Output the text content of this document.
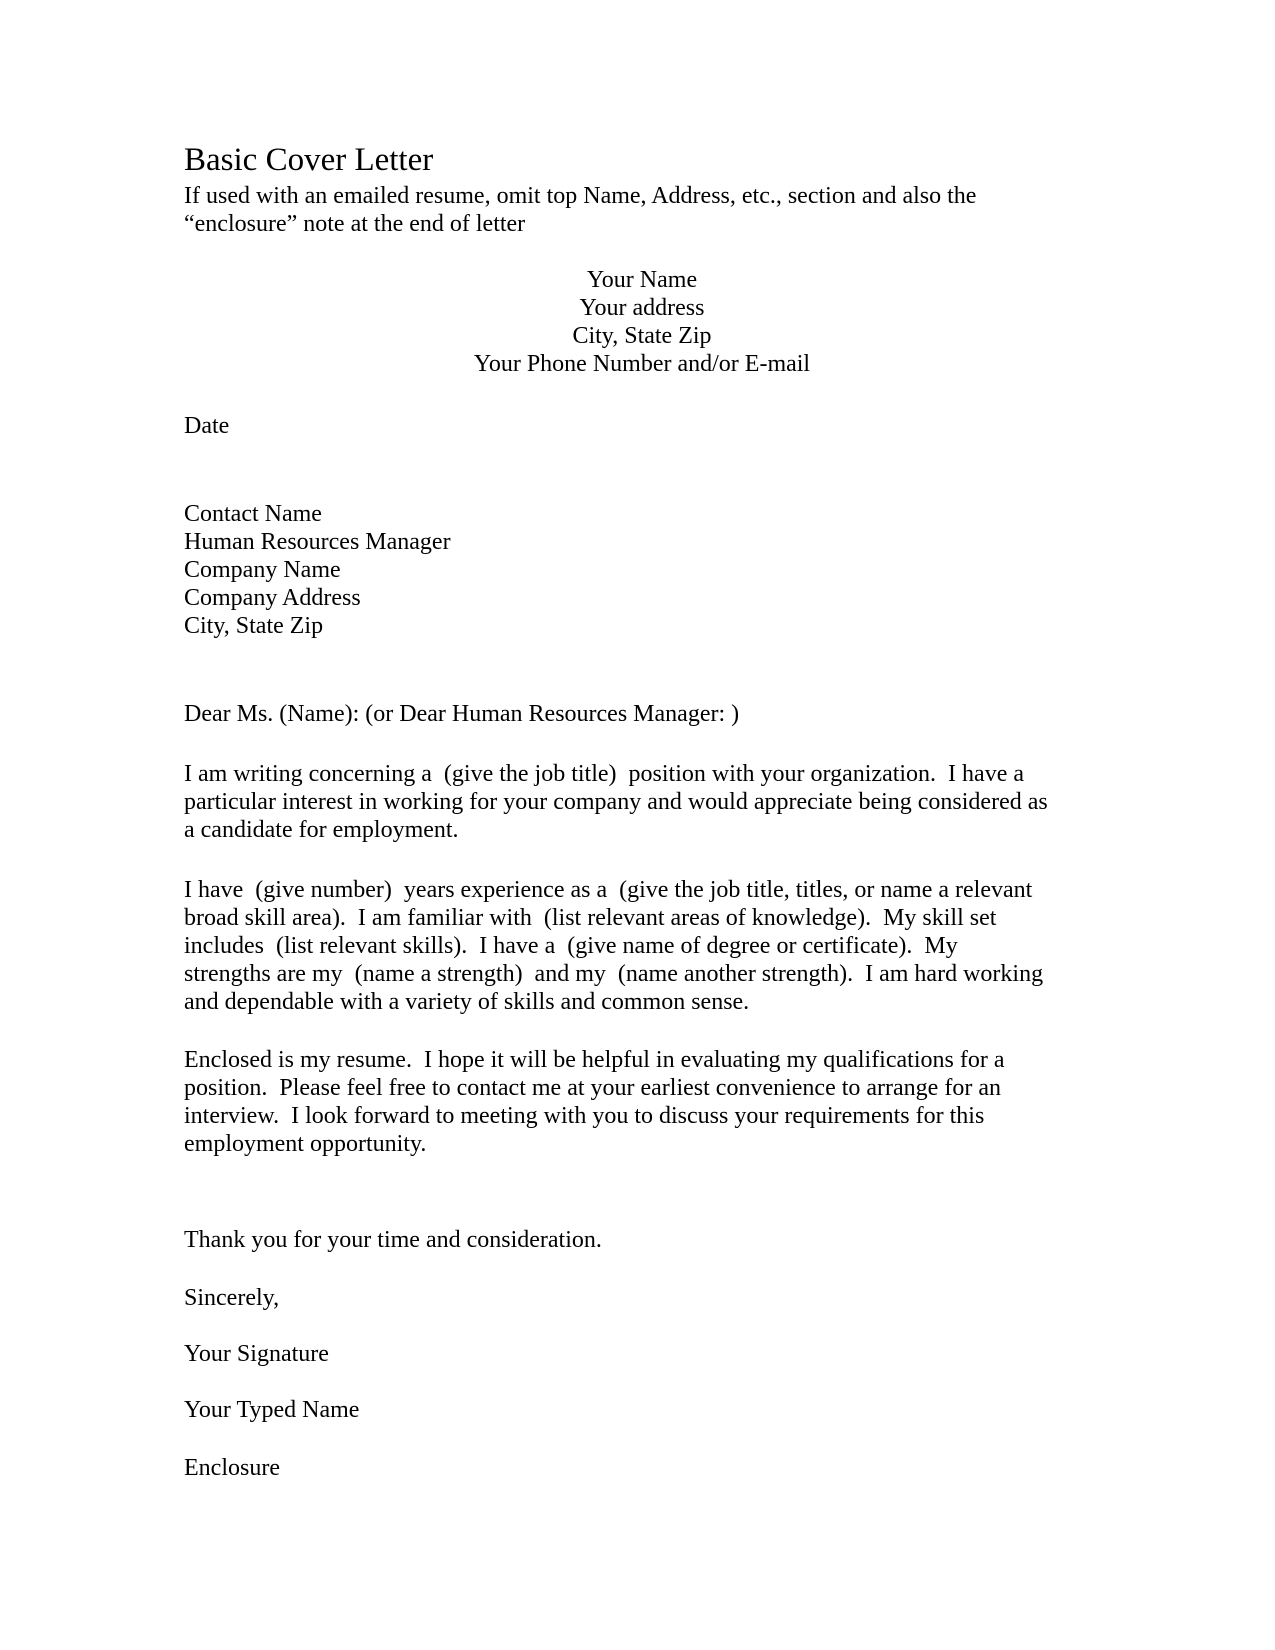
Basic Cover Letter
If used with an emailed resume, omit top Name, Address, etc., section and also the
“enclosure” note at the end of letter
Your Name
Your address
City, State Zip
Your Phone Number and/or E-mail
Date
Contact Name
Human Resources Manager
Company Name
Company Address
City, State Zip
Dear Ms. (Name): (or Dear Human Resources Manager: )
I am writing concerning a  (give the job title)  position with your organization.  I have a
particular interest in working for your company and would appreciate being considered as
a candidate for employment.
I have  (give number)  years experience as a  (give the job title, titles, or name a relevant
broad skill area).  I am familiar with  (list relevant areas of knowledge).  My skill set
includes  (list relevant skills).  I have a  (give name of degree or certificate).  My
strengths are my  (name a strength)  and my  (name another strength).  I am hard working
and dependable with a variety of skills and common sense.
Enclosed is my resume.  I hope it will be helpful in evaluating my qualifications for a
position.  Please feel free to contact me at your earliest convenience to arrange for an
interview.  I look forward to meeting with you to discuss your requirements for this
employment opportunity.
Thank you for your time and consideration.
Sincerely,
Your Signature
Your Typed Name
Enclosure
